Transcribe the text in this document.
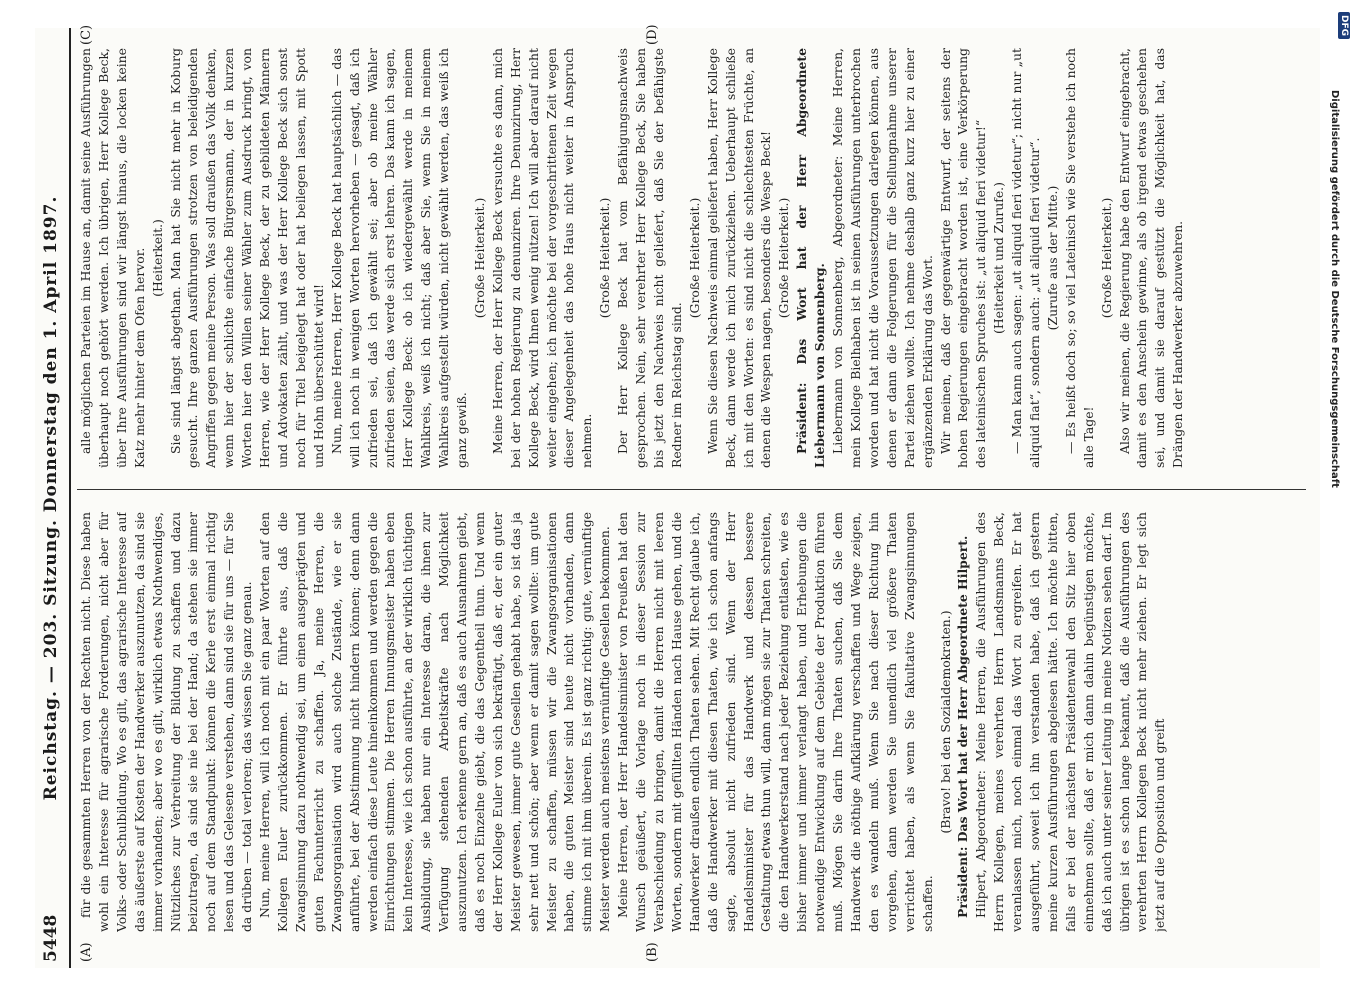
5448
Reichstag. — 203. Sitzung. Donnerstag den 1. April 1897.
(A)	(B)
(C)	(D)

für die gesammten Herren von der Rechten nicht. Diese haben wohl ein Interesse für agrarische Forderungen, nicht aber für Volks- oder Schulbildung. Wo es gilt, das agrarische Interesse auf das äußerste auf Kosten der Handwerker auszunutzen, da sind sie immer vorhanden; aber wo es gilt, wirklich etwas Nothwendiges, Nützliches zur Verbreitung der Bildung zu schaffen und dazu beizutragen, da sind sie nie bei der Hand; da stehen sie immer noch auf dem Standpunkt: können die Kerle erst einmal richtig lesen und das Gelesene verstehen, dann sind sie für uns — für Sie da drüben — total verloren; das wissen Sie ganz genau. Nun, meine Herren, will ich noch mit ein paar Worten auf den Kollegen Euler zurückkommen. Er führte aus, daß die Zwangsinnung dazu nothwendig sei, um einen ausgeprägten und guten Fachunterricht zu schaffen. Ja, meine Herren, die Zwangsorganisation wird auch solche Zustände, wie er sie anführte, bei der Abstimmung nicht hindern können; denn dann werden einfach diese Leute hineinkommen und werden gegen die Einrichtungen stimmen. Die Herren Innungsmeister haben eben kein Interesse, wie ich schon ausführte, an der wirklich tüchtigen Ausbildung, sie haben nur ein Interesse daran, die ihnen zur Verfügung stehenden Arbeitskräfte nach Möglichkeit auszunutzen. Ich erkenne gern an, daß es auch Ausnahmen giebt, daß es noch Einzelne giebt, die das Gegentheil thun. Und wenn der Herr Kollege Euler von sich bekräftigt, daß er, der ein guter Meister gewesen, immer gute Gesellen gehabt habe, so ist das ja sehr nett und schön; aber wenn er damit sagen wollte: um gute Meister zu schaffen, müssen wir die Zwangsorganisationen haben, die guten Meister sind heute nicht vorhanden, dann stimme ich mit ihm überein. Es ist ganz richtig: gute, vernünftige Meister werden auch meistens vernünftige Gesellen bekommen. Meine Herren, der Herr Handelsminister von Preußen hat den Wunsch geäußert, die Vorlage noch in dieser Session zur Verabschiedung zu bringen, damit die Herren nicht mit leeren Worten, sondern mit gefüllten Händen nach Hause gehen, und die Handwerker draußen endlich Thaten sehen. Mit Recht glaube ich, daß die Handwerker mit diesen Thaten, wie ich schon anfangs sagte, absolut nicht zufrieden sind. Wenn der Herr Handelsminister für das Handwerk und dessen bessere Gestaltung etwas thun will, dann mögen sie zur Thaten schreiten, die den Handwerkerstand nach jeder Beziehung entlasten, wie es bisher immer und immer verlangt haben, und Erhebungen die notwendige Entwicklung auf dem Gebiete der Produktion führen muß. Mögen Sie darin Ihre Thaten suchen, daß Sie dem Handwerk die nöthige Aufklärung verschaffen und Wege zeigen, den es wandeln muß. Wenn Sie nach dieser Richtung hin vorgehen, dann werden Sie unendlich viel größere Thaten verrichtet haben, als wenn Sie fakultative Zwangsinnungen schaffen.

(Bravo! bei den Sozialdemokraten.) Präsident: Das Wort hat der Herr Abgeordnete Hilpert. Hilpert, Abgeordneter: Meine Herren, die Ausführungen des Herrn Kollegen, meines verehrten Herrn Landsmanns Beck, veranlassen mich, noch einmal das Wort zu ergreifen. Er hat ausgeführt, soweit ich ihn verstanden habe, daß ich gestern meine kurzen Ausführungen abgelesen hätte. Ich möchte bitten, falls er bei der nächsten Präsidentenwahl den Sitz hier oben einnehmen sollte, daß er mich dann dahin begünstigen möchte, daß ich auch unter seiner Leitung in meine Notizen sehen darf. Im übrigen ist es schon lange bekannt, daß die Ausführungen des verehrten Herrn Kollegen Beck nicht mehr ziehen. Er legt sich jetzt auf die Opposition und greift

alle möglichen Parteien im Hause an, damit seine Ausführungen überhaupt noch gehört werden. Ich übrigen, Herr Kollege Beck, über Ihre Ausführungen sind wir längst hinaus, die locken keine Katz mehr hinter dem Ofen hervor. (Heiterkeit.) Sie sind längst abgethan. Man hat Sie nicht mehr in Koburg gesucht. Ihre ganzen Ausführungen strotzen von beleidigenden Angriffen gegen meine Person. Was soll draußen das Volk denken, wenn hier der schlichte einfache Bürgersmann, der in kurzen Worten hier den Willen seiner Wähler zum Ausdruck bringt, von Herren, wie der Herr Kollege Beck, der zu gebildeten Männern und Advokaten zählt, und was der Herr Kollege Beck sich sonst noch für Titel beigelegt hat oder hat beilegen lassen, mit Spott und Hohn überschüttet wird! Nun, meine Herren, Herr Kollege Beck hat hauptsächlich — das will ich noch in wenigen Worten hervorheben — gesagt, daß ich zufrieden sei, daß ich gewählt sei; aber ob meine Wähler zufrieden seien, das werde sich erst lehren. Das kann ich sagen, Herr Kollege Beck: ob ich wiedergewählt werde in meinem Wahlkreis, weiß ich nicht; daß aber Sie, wenn Sie in meinem Wahlkreis aufgestellt würden, nicht gewählt werden, das weiß ich ganz gewiß.

(Große Heiterkeit.) Meine Herren, der Herr Kollege Beck versuchte es dann, mich bei der hohen Regierung zu denunziren. Ihre Denunzirung, Herr Kollege Beck, wird Ihnen wenig nützen! Ich will aber darauf nicht weiter eingehen; ich möchte bei der vorgeschrittenen Zeit wegen dieser Angelegenheit das hohe Haus nicht weiter in Anspruch nehmen.

(Große Heiterkeit.) Der Herr Kollege Beck hat vom Befähigungsnachweis gesprochen. Nein, sehr verehrter Herr Kollege Beck, Sie haben bis jetzt den Nachweis nicht geliefert, daß Sie der befähigste Redner im Reichstag sind.

(Große Heiterkeit.) Wenn Sie diesen Nachweis einmal geliefert haben, Herr Kollege Beck, dann werde ich mich zurückziehen. Ueberhaupt schließe ich mit den Worten: es sind nicht die schlechtesten Früchte, an denen die Wespen nagen, besonders die Wespe Beck! (Große Heiterkeit.) Präsident: Das Wort hat der Herr Abgeordnete Liebermann von Sonnenberg. Liebermann von Sonnenberg, Abgeordneter: Meine Herren, mein Kollege Bielhaben ist in seinen Ausführungen unterbrochen worden und hat nicht die Voraussetzungen darlegen können, aus denen er dann die Folgerungen für die Stellungnahme unserer Partei ziehen wollte. Ich nehme deshalb ganz kurz hier zu einer ergänzenden Erklärung das Wort. Wir meinen, daß der gegenwärtige Entwurf, der seitens der hohen Regierungen eingebracht worden ist, eine Verkörperung des lateinischen Spruches ist: „ut aliquid fieri videtur!“ (Heiterkeit und Zurufe.) — Man kann auch sagen: „ut aliquid fieri videtur“; nicht nur „ut aliquid fiat“, sondern auch: „ut aliquid fieri videtur“. (Zurufe aus der Mitte.) — Es heißt doch so; so viel Lateinisch wie Sie verstehe ich noch alle Tage!

(Große Heiterkeit.) Also wir meinen, die Regierung habe den Entwurf eingebracht, damit es den Anschein gewinne, als ob irgend etwas geschehen sei, und damit sie darauf gestützt die Möglichkeit hat, das Drängen der Handwerker abzuwehren.	Digitalisierung gefördert durch die Deutsche Forschungsgemeinschaft
DFG
